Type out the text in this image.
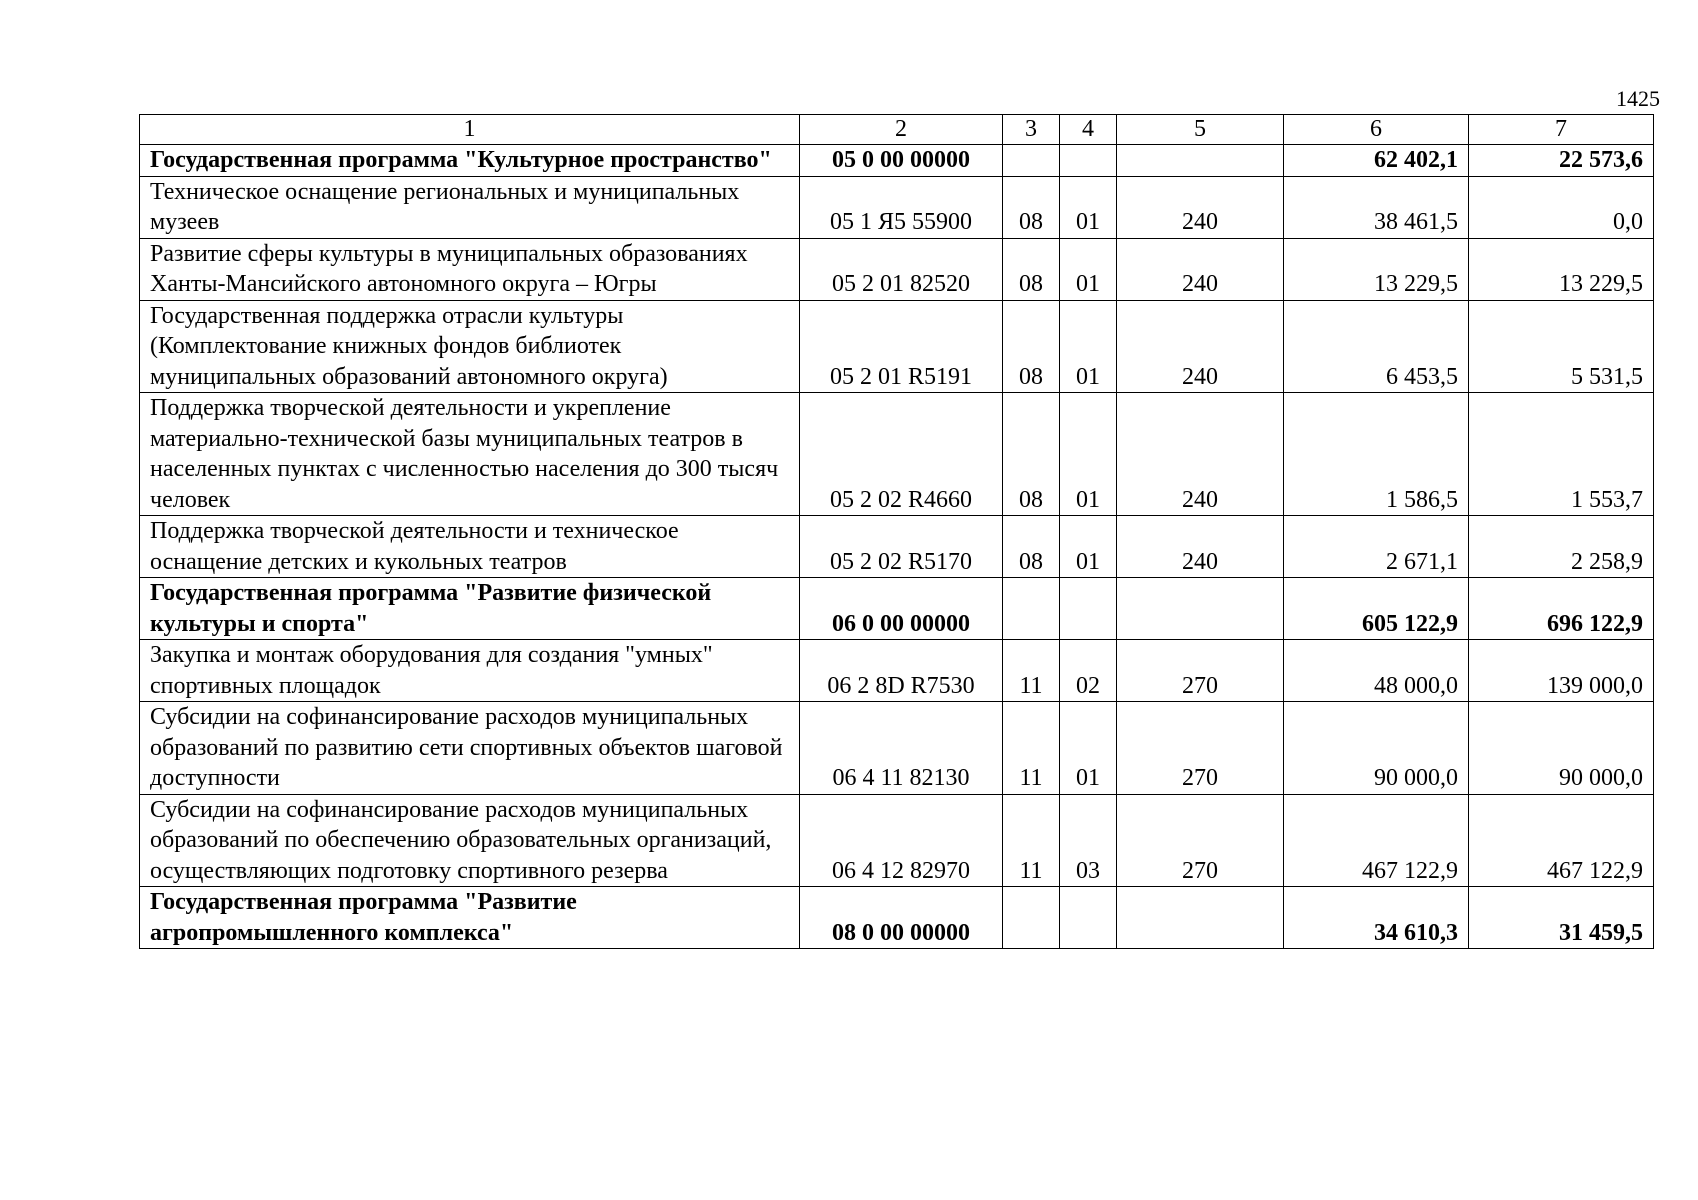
1425
1	2	3	4	5	6	7
Государственная программа "Культурное пространство"	05 0 00 00000				62 402,1	22 573,6
Техническое оснащение региональных и муниципальных музеев	05 1 Я5 55900	08	01	240	38 461,5	0,0
Развитие сферы культуры в муниципальных образованиях Ханты-Мансийского автономного округа – Югры	05 2 01 82520	08	01	240	13 229,5	13 229,5
Государственная поддержка отрасли культуры (Комплектование книжных фондов библиотек муниципальных образований автономного округа)	05 2 01 R5191	08	01	240	6 453,5	5 531,5
Поддержка творческой деятельности и укрепление материально-технической базы муниципальных театров в населенных пунктах с численностью населения до 300 тысяч человек	05 2 02 R4660	08	01	240	1 586,5	1 553,7
Поддержка творческой деятельности и техническое оснащение детских и кукольных театров	05 2 02 R5170	08	01	240	2 671,1	2 258,9
Государственная программа "Развитие физической культуры и спорта"	06 0 00 00000				605 122,9	696 122,9
Закупка и монтаж оборудования для создания "умных" спортивных площадок	06 2 8D R7530	11	02	270	48 000,0	139 000,0
Субсидии на софинансирование расходов муниципальных образований по развитию сети спортивных объектов шаговой доступности	06 4 11 82130	11	01	270	90 000,0	90 000,0
Субсидии на софинансирование расходов муниципальных образований по обеспечению образовательных организаций, осуществляющих подготовку спортивного резерва	06 4 12 82970	11	03	270	467 122,9	467 122,9
Государственная программа "Развитие агропромышленного комплекса"	08 0 00 00000				34 610,3	31 459,5
